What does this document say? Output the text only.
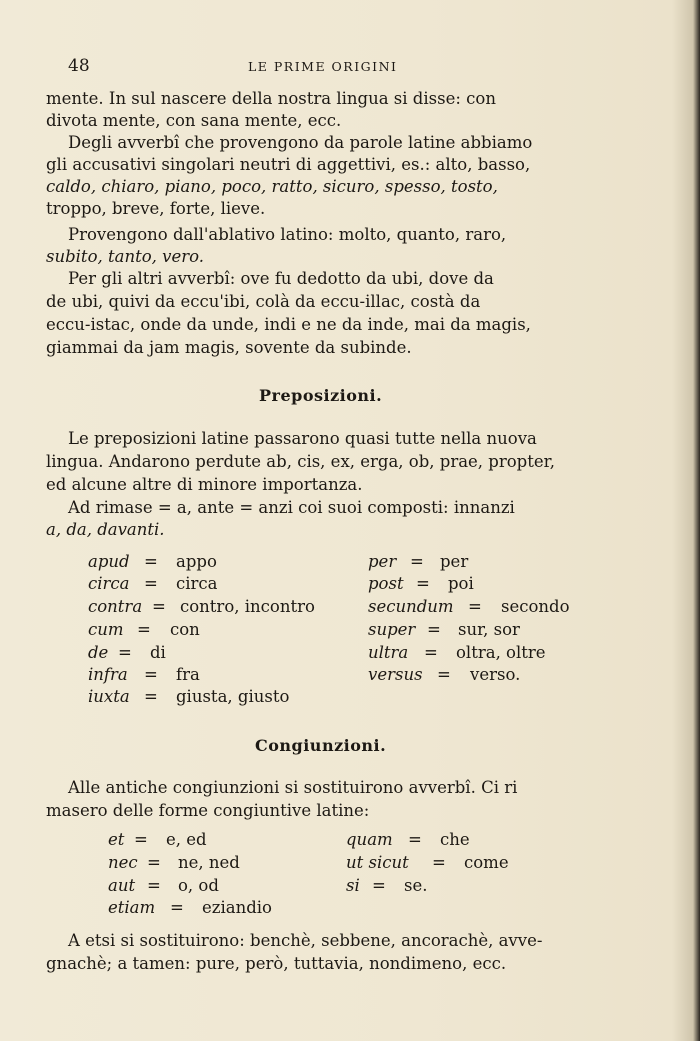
48	LE PRIME ORIGINI
mente. In sul nascere della nostra lingua si disse: con
divota mente, con sana mente, ecc.
Degli avverbî che provengono da parole latine abbiamo
gli accusativi singolari neutri di aggettivi, es.: alto, basso,
caldo, chiaro, piano, poco, ratto, sicuro, spesso, tosto,
troppo, breve, forte, lieve.
Provengono dall'ablativo latino: molto, quanto, raro,
subito, tanto, vero.
Per gli altri avverbî: ove fu dedotto da ubi, dove da
de ubi, quivi da eccu'ibi, colà da eccu-illac, costà da
eccu-istac, onde da unde, indi e ne da inde, mai da magis,
giammai da jam magis, sovente da subinde.
Preposizioni.
Le preposizioni latine passarono quasi tutte nella nuova
lingua. Andarono perdute ab, cis, ex, erga, ob, prae, propter,
ed alcune altre di minore importanza.
Ad rimase = a, ante = anzi coi suoi composti: innanzi
a, da, davanti.
apud = appo
circa = circa
contra = contro, incontro
cum = con
de = di
infra = fra
iuxta = giusta, giusto
per = per
post = poi
secundum = secondo
super = sur, sor
ultra = oltra, oltre
versus = verso.
Congiunzioni.
Alle antiche congiunzioni si sostituirono avverbî. Ci ri
masero delle forme congiuntive latine:
et = e, ed
nec = ne, ned
aut = o, od
etiam = eziandio
quam = che
ut sicut = come
si = se.
A etsi si sostituirono: benchè, sebbene, ancorachè, avve-
gnachè; a tamen: pure, però, tuttavia, nondimeno, ecc.
